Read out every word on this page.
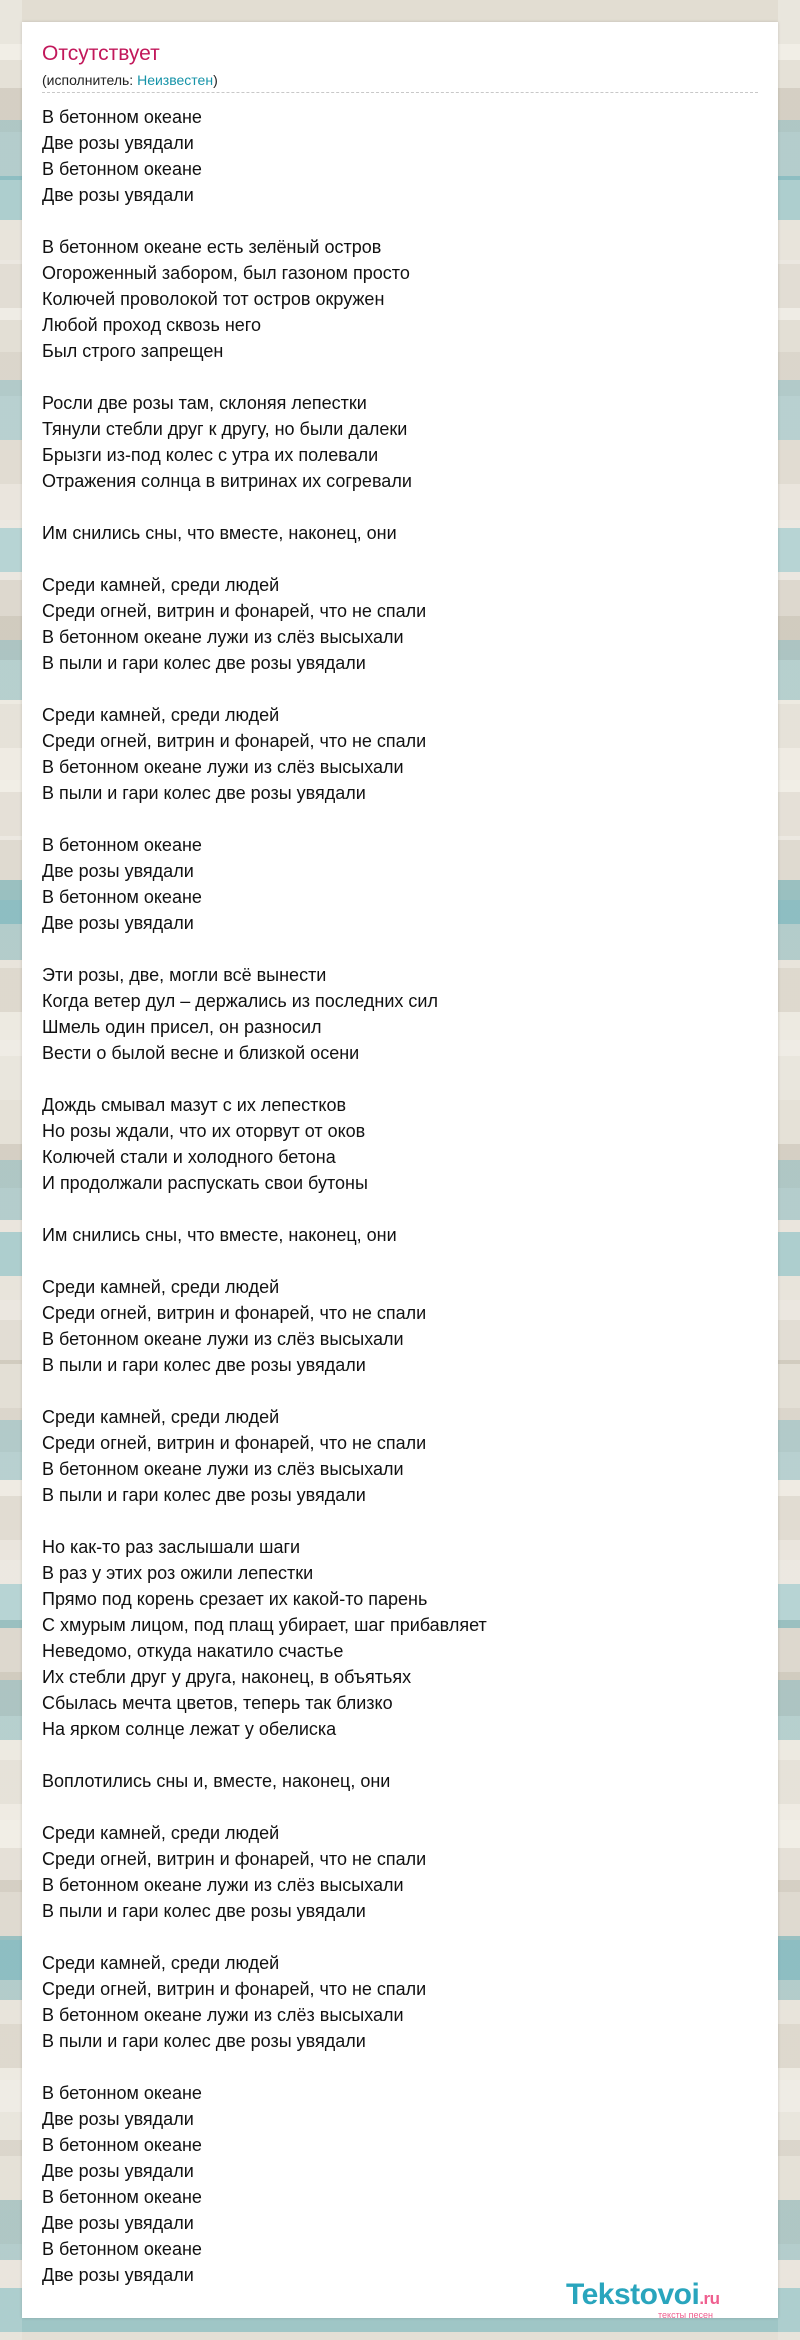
Отсутствует
(исполнитель: Неизвестен)
В бетонном океане
Две розы увядали
В бетонном океане
Две розы увядали
В бетонном океане есть зелёный остров
Огороженный забором, был газоном просто
Колючей проволокой тот остров окружен
Любой проход сквозь него
Был строго запрещен
Росли две розы там, склоняя лепестки
Тянули стебли друг к другу, но были далеки
Брызги из-под колес с утра их полевали
Отражения солнца в витринах их согревали
Им снились сны, что вместе, наконец, они
Среди камней, среди людей
Среди огней, витрин и фонарей, что не спали
В бетонном океане лужи из слёз высыхали
В пыли и гари колес две розы увядали
Среди камней, среди людей
Среди огней, витрин и фонарей, что не спали
В бетонном океане лужи из слёз высыхали
В пыли и гари колес две розы увядали
В бетонном океане
Две розы увядали
В бетонном океане
Две розы увядали
Эти розы, две, могли всё вынести
Когда ветер дул – держались из последних сил
Шмель один присел, он разносил
Вести о былой весне и близкой осени
Дождь смывал мазут с их лепестков
Но розы ждали, что их оторвут от оков
Колючей стали и холодного бетона
И продолжали распускать свои бутоны
Им снились сны, что вместе, наконец, они
Среди камней, среди людей
Среди огней, витрин и фонарей, что не спали
В бетонном океане лужи из слёз высыхали
В пыли и гари колес две розы увядали
Среди камней, среди людей
Среди огней, витрин и фонарей, что не спали
В бетонном океане лужи из слёз высыхали
В пыли и гари колес две розы увядали
Но как-то раз заслышали шаги
В раз у этих роз ожили лепестки
Прямо под корень срезает их какой-то парень
С хмурым лицом, под плащ убирает, шаг прибавляет
Неведомо, откуда накатило счастье
Их стебли друг у друга, наконец, в объятьях
Сбылась мечта цветов, теперь так близко
На ярком солнце лежат у обелиска
Воплотились сны и, вместе, наконец, они
Среди камней, среди людей
Среди огней, витрин и фонарей, что не спали
В бетонном океане лужи из слёз высыхали
В пыли и гари колес две розы увядали
Среди камней, среди людей
Среди огней, витрин и фонарей, что не спали
В бетонном океане лужи из слёз высыхали
В пыли и гари колес две розы увядали
В бетонном океане
Две розы увядали
В бетонном океане
Две розы увядали
В бетонном океане
Две розы увядали
В бетонном океане
Две розы увядали
Tekstovoi.ru
тексты песен
